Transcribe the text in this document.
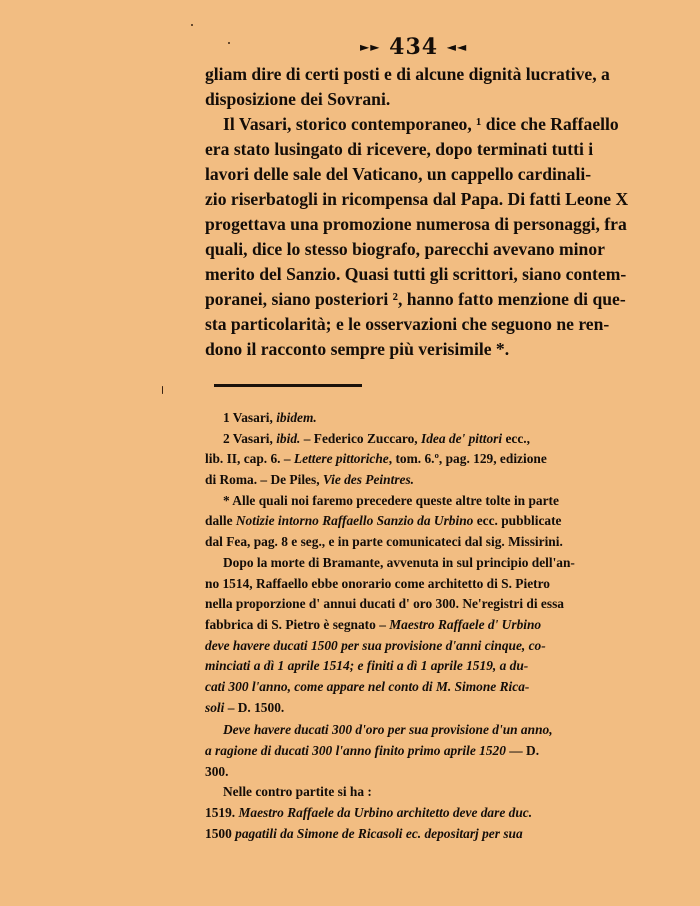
►► 434 ◄◄
gliam dire di certi posti e di alcune dignità lucrative, a
disposizione dei Sovrani.
Il Vasari, storico contemporaneo, ¹ dice che Raffaello
era stato lusingato di ricevere, dopo terminati tutti i
lavori delle sale del Vaticano, un cappello cardinali-
zio riserbatogli in ricompensa dal Papa. Di fatti Leone X
progettava una promozione numerosa di personaggi, fra
quali, dice lo stesso biografo, parecchi avevano minor
merito del Sanzio. Quasi tutti gli scrittori, siano contem-
poranei, siano posteriori ², hanno fatto menzione di que-
sta particolarità; e le osservazioni che seguono ne ren-
dono il racconto sempre più verisimile *.
1 Vasari, ibidem.
2 Vasari, ibid. – Federico Zuccaro, Idea de' pittori ecc.,
lib. II, cap. 6. – Lettere pittoriche, tom. 6.º, pag. 129, edizione
di Roma. – De Piles, Vie des Peintres.
* Alle quali noi faremo precedere queste altre tolte in parte
dalle Notizie intorno Raffaello Sanzio da Urbino ecc. pubblicate
dal Fea, pag. 8 e seg., e in parte comunicateci dal sig. Missirini.
Dopo la morte di Bramante, avvenuta in sul principio dell'an-
no 1514, Raffaello ebbe onorario come architetto di S. Pietro
nella proporzione d' annui ducati d' oro 300. Ne'registri di essa
fabbrica di S. Pietro è segnato – Maestro Raffaele d' Urbino
deve havere ducati 1500 per sua provisione d'anni cinque, co-
minciati a dì 1 aprile 1514; e finiti a dì 1 aprile 1519, a du-
cati 300 l'anno, come appare nel conto di M. Simone Rica-
soli – D. 1500.
Deve havere ducati 300 d'oro per sua provisione d'un anno,
a ragione di ducati 300 l'anno finito primo aprile 1520 — D.
300.
Nelle contro partite si ha :
1519. Maestro Raffaele da Urbino architetto deve dare duc.
1500 pagatili da Simone de Ricasoli ec. depositarj per sua
